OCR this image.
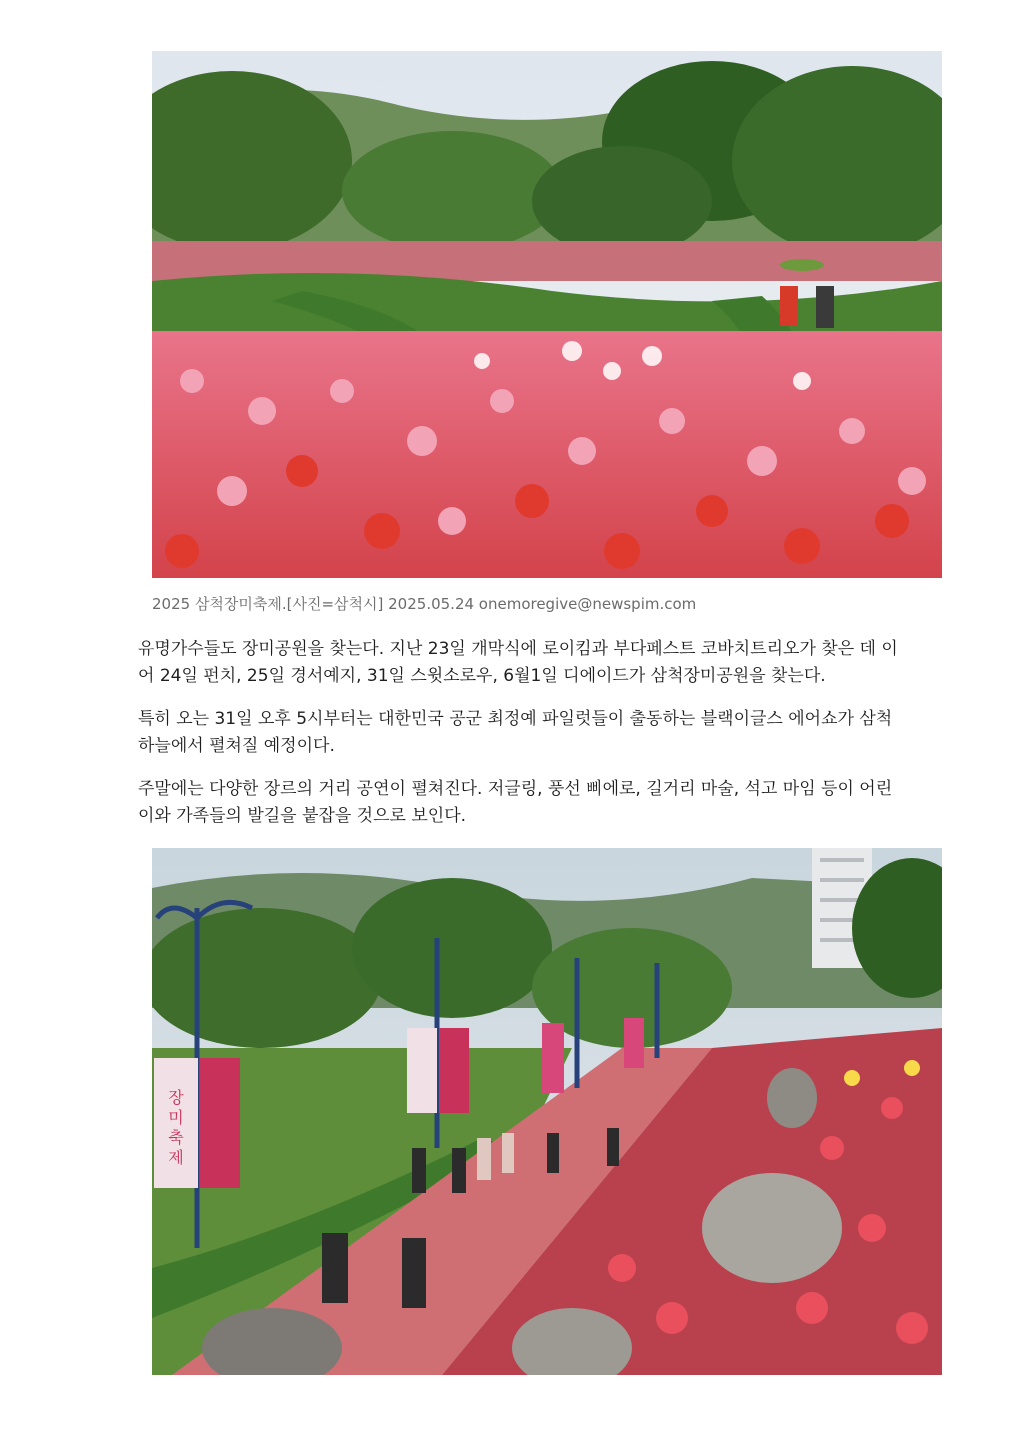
2025 삼척장미축제.[사진=삼척시] 2025.05.24 onemoregive@newspim.com

유명가수들도 장미공원을 찾는다. 지난 23일 개막식에 로이킴과 부다페스트 코바치트리오가 찾은 데 이어 24일 펀치, 25일 경서예지, 31일 스윗소로우, 6월1일 디에이드가 삼척장미공원을 찾는다.

특히 오는 31일 오후 5시부터는 대한민국 공군 최정예 파일럿들이 출동하는 블랙이글스 에어쇼가 삼척 하늘에서 펼쳐질 예정이다.

주말에는 다양한 장르의 거리 공연이 펼쳐진다. 저글링, 풍선 삐에로, 길거리 마술, 석고 마임 등이 어린이와 가족들의 발길을 붙잡을 것으로 보인다.

장 미 축 제
